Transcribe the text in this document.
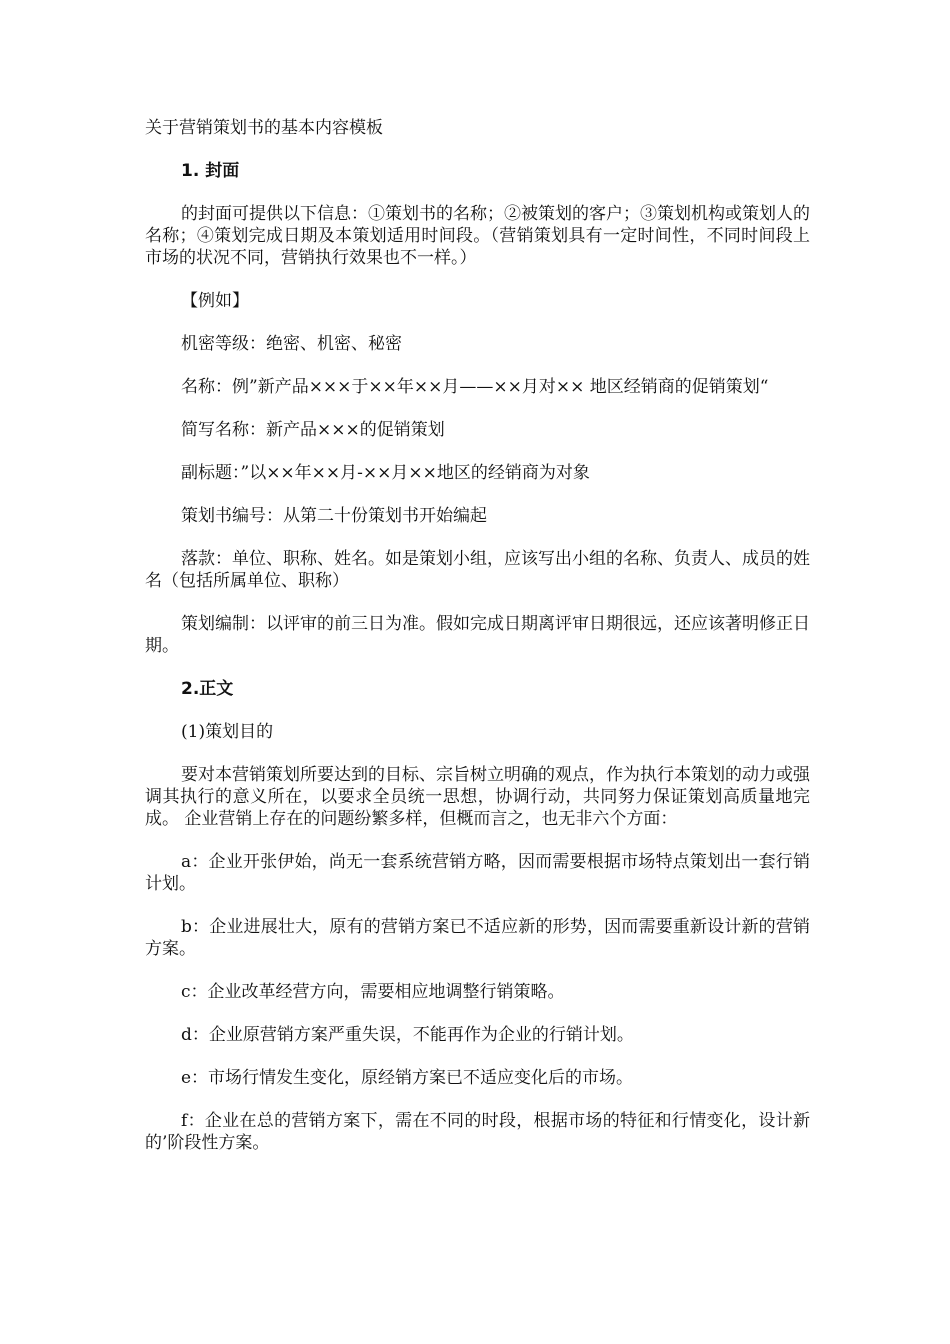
关于营销策划书的基本内容模板
1. 封面

的封面可提供以下信息：①策划书的名称；②被策划的客户；③策划机构或策划人的名称；④策划完成日期及本策划适用时间段。（营销策划具有一定时间性，不同时间段上市场的状况不同，营销执行效果也不一样。）

【例如】

机密等级：绝密、机密、秘密

名称：例”新产品×××于××年××月——××月对×× 地区经销商的促销策划“

简写名称：新产品×××的促销策划

副标题：”以××年××月-××月××地区的经销商为对象

策划书编号：从第二十份策划书开始编起

落款：单位、职称、姓名。如是策划小组，应该写出小组的名称、负责人、成员的姓名（包括所属单位、职称）

策划编制：以评审的前三日为准。假如完成日期离评审日期很远，还应该著明修正日期。

2.正文

(1)策划目的

要对本营销策划所要达到的目标、宗旨树立明确的观点，作为执行本策划的动力或强调其执行的意义所在，以要求全员统一思想，协调行动，共同努力保证策划高质量地完成。 企业营销上存在的问题纷繁多样，但概而言之，也无非六个方面：

a：企业开张伊始，尚无一套系统营销方略，因而需要根据市场特点策划出一套行销计划。

b：企业进展壮大，原有的营销方案已不适应新的形势，因而需要重新设计新的营销方案。

c：企业改革经营方向，需要相应地调整行销策略。

d：企业原营销方案严重失误，不能再作为企业的行销计划。

e：市场行情发生变化，原经销方案已不适应变化后的市场。

f：企业在总的营销方案下，需在不同的时段，根据市场的特征和行情变化，设计新的’阶段性方案。
